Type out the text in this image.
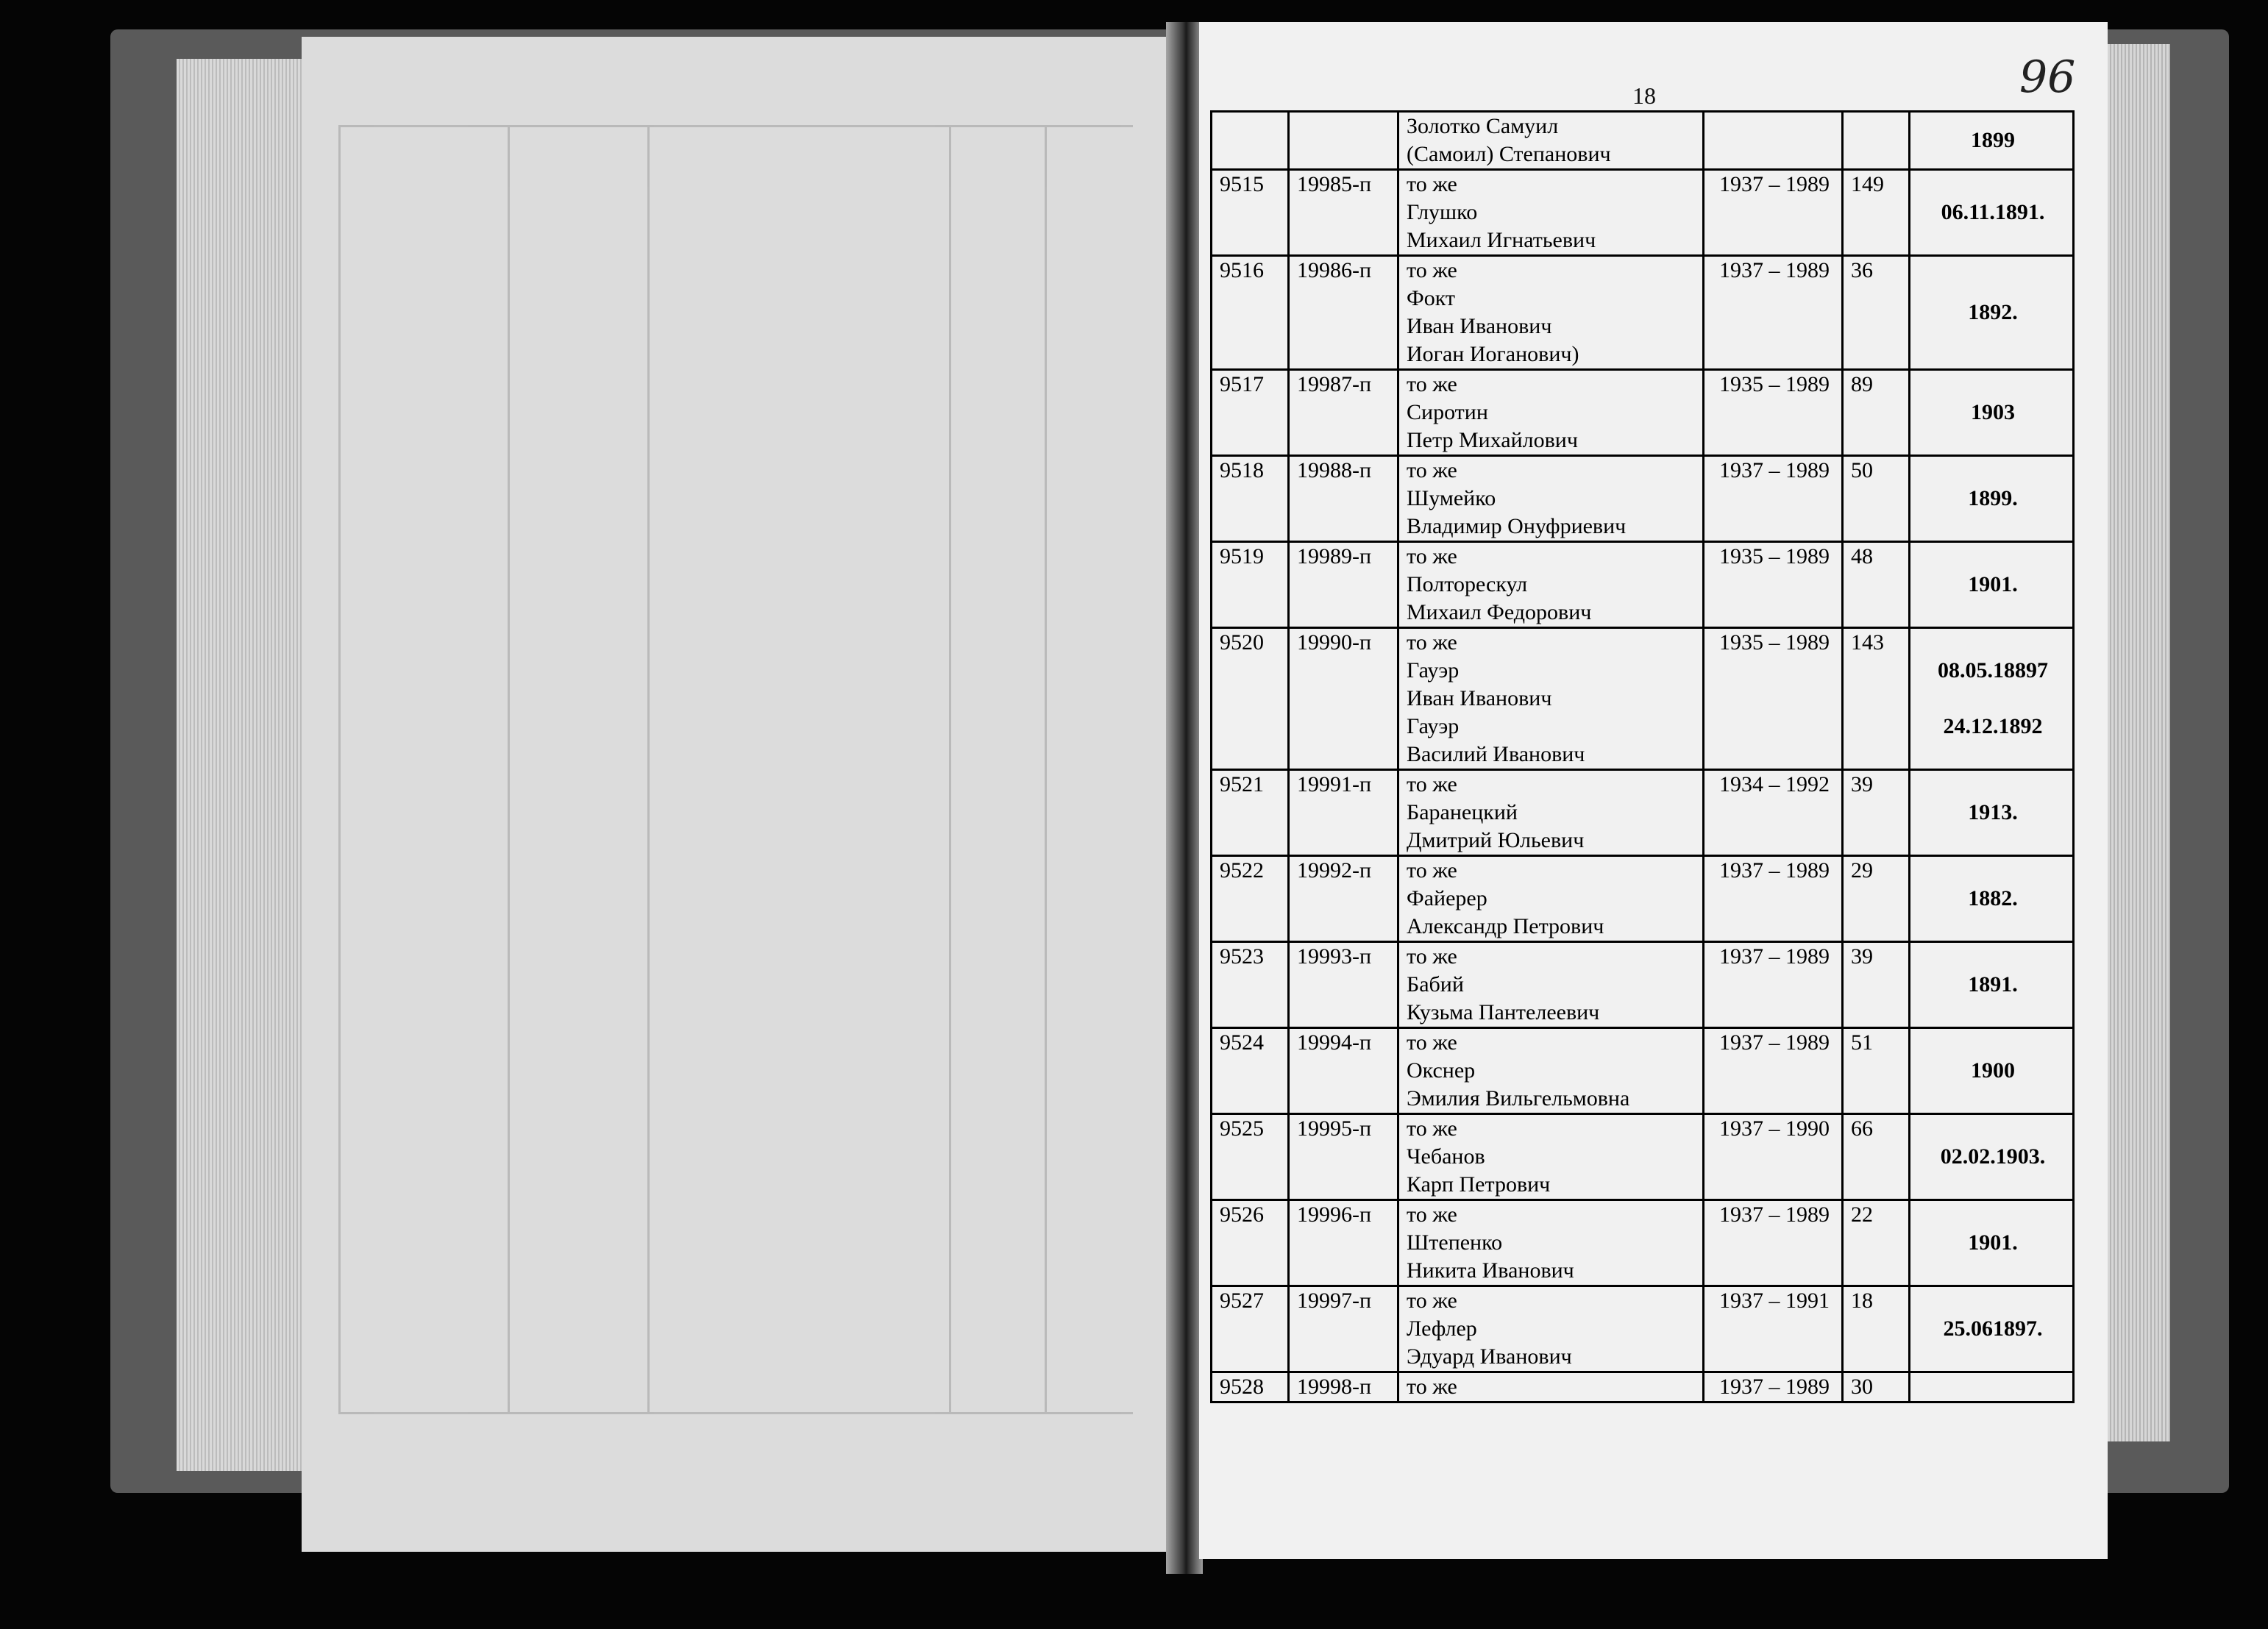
18	96

		Золотко Самуил
(Самоил) Степанович			1899

9515	19985-п	то же
Глушко
Михаил Игнатьевич	1937 – 1989	149	06.11.1891.

9516	19986-п	то же
Фокт
Иван Иванович
Иоган Иоганович)	1937 – 1989	36	1892.

9517	19987-п	то же
Сиротин
Петр Михайлович	1935 – 1989	89	1903

9518	19988-п	то же
Шумейко
Владимир Онуфриевич	1937 – 1989	50	1899.

9519	19989-п	то же
Полторескул
Михаил Федорович	1935 – 1989	48	1901.

9520	19990-п	то же
Гауэр
Иван Иванович
Гауэр
Василий Иванович	1935 – 1989	143	08.05.18897
24.12.1892

9521	19991-п	то же
Баранецкий
Дмитрий Юльевич	1934 – 1992	39	1913.

9522	19992-п	то же
Файерер
Александр Петрович	1937 – 1989	29	1882.

9523	19993-п	то же
Бабий
Кузьма Пантелеевич	1937 – 1989	39	1891.

9524	19994-п	то же
Окснер
Эмилия Вильгельмовна	1937 – 1989	51	1900

9525	19995-п	то же
Чебанов
Карп Петрович	1937 – 1990	66	02.02.1903.

9526	19996-п	то же
Штепенко
Никита Иванович	1937 – 1989	22	1901.

9527	19997-п	то же
Лефлер
Эдуард Иванович	1937 – 1991	18	25.061897.

9528	19998-п	то же	1937 – 1989	30	
